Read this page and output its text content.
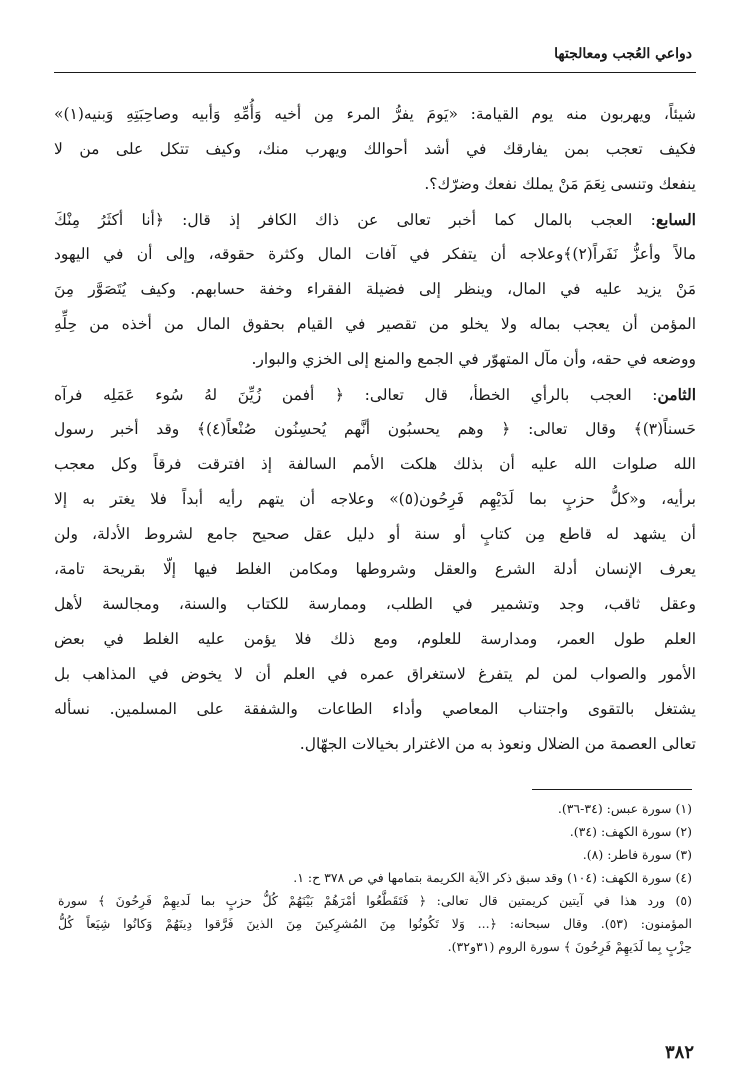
دواعي العُجب ومعالجتها
شيئاً، ويهربون منه يوم القيامة: «يَومَ يفرُّ المرء مِن أخيه وَأُمِّهِ وَأبيه وصاحِبَتِهِ وَبنيه(١)»
فكيف تعجب بمن يفارقك في أشد أحوالك ويهرب منك، وكيف تتكل على من لا
ينفعك وتنسى نِعَمَ مَنْ يملك نفعك وضرّك؟.
السابع: العجب بالمال كما أخبر تعالى عن ذاك الكافر إذ قال: ﴿أنا أكثَرُ مِنْكَ
مالاً وأعزُّ نَفَراً(٢)﴾وعلاجه أن يتفكر في آفات المال وكثرة حقوقه، وإلى أن في اليهود
مَنْ يزيد عليه في المال، وينظر إلى فضيلة الفقراء وخفة حسابهم. وكيف يُتَصَوَّر مِنَ
المؤمن أن يعجب بماله ولا يخلو من تقصير في القيام بحقوق المال من أخذه من حِلِّهِ
ووضعه في حقه، وأن مآل المتهوّر في الجمع والمنع إلى الخزي والبوار.
الثامن: العجب بالرأي الخطأ، قال تعالى: ﴿ أفمن زُيِّنَ لهُ سُوء عَمَلِه فرآه
حَسناً(٣)﴾ وقال تعالى: ﴿ وهم يحسبُون أنَّهم يُحسِنُون صُنْعاً(٤)﴾ وقد أخبر رسول
الله صلوات الله عليه أن بذلك هلكت الأمم السالفة إذ افترقت فرقاً وكل معجب
برأيه، و«كلُّ حزبٍ بما لَدَيْهِم فَرِحُون(٥)» وعلاجه أن يتهم رأيه أبداً فلا يغتر به إلا
أن يشهد له قاطع مِن كتابٍ أو سنة أو دليل عقل صحيح جامع لشروط الأدلة، ولن
يعرف الإنسان أدلة الشرع والعقل وشروطها ومكامن الغلط فيها إلّا بقريحة تامة،
وعقل ثاقب، وجد وتشمير في الطلب، وممارسة للكتاب والسنة، ومجالسة لأهل
العلم طول العمر، ومدارسة للعلوم، ومع ذلك فلا يؤمن عليه الغلط في بعض
الأمور والصواب لمن لم يتفرغ لاستغراق عمره في العلم أن لا يخوض في المذاهب بل
يشتغل بالتقوى واجتناب المعاصي وأداء الطاعات والشفقة على المسلمين. نسأله
تعالى العصمة من الضلال ونعوذ به من الاغترار بخيالات الجهّال.
(١) سورة عبس: (٣٤-٣٦).
(٢) سورة الكهف: (٣٤).
(٣) سورة فاطر: (٨).
(٤) سورة الكهف: (١٠٤) وقد سبق ذكر الآية الكريمة بتمامها في ص ٣٧٨ ح: ١.
(٥) ورد هذا في آيتين كريمتين قال تعالى: ﴿ فَتَقَطَّعُوا أمْرَهُمْ بَيْنَهُمْ كُلُّ حزبٍ بما لَديهِمْ فَرِحُونَ ﴾ سورة
المؤمنون: (٥٣). وقال سبحانه: ﴿... وَلا تَكُونُوا مِنَ المُشرِكينَ مِنَ الذينَ فَرَّقوا دِينَهُمْ وَكانُوا شِيَعاً كُلُّ
حِزْبٍ بِما لَدَيهِمْ فَرِحُونَ ﴾ سورة الروم (٣١و٣٢).
٣٨٢
